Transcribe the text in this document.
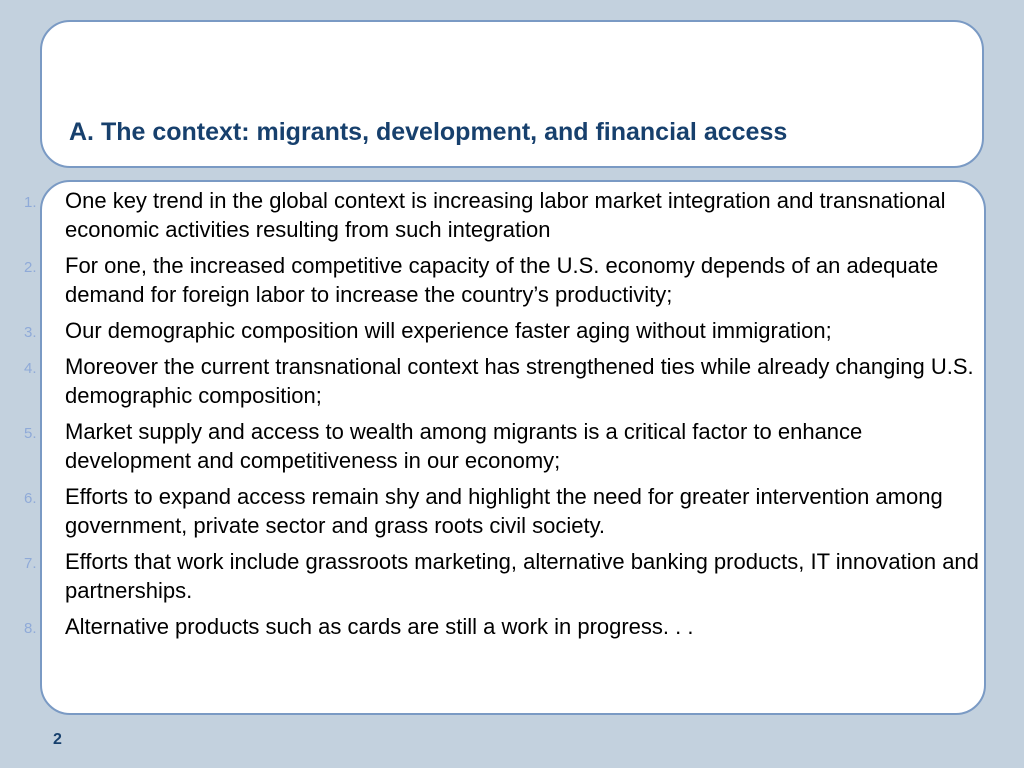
A. The context: migrants, development, and financial access
1. One key trend in the global context is increasing labor market integration and transnational economic activities resulting from such integration
2. For one, the increased competitive capacity of the U.S. economy depends of an adequate demand for foreign labor to increase the country’s productivity;
3. Our demographic composition will experience faster aging without immigration;
4. Moreover the current transnational context has strengthened ties while already changing U.S. demographic composition;
5. Market supply and access to wealth among migrants is a critical factor to enhance development and competitiveness in our economy;
6. Efforts to expand access remain shy and highlight the need for greater intervention among government, private sector and grass roots civil society.
7. Efforts that work include grassroots marketing, alternative banking products, IT innovation and partnerships.
8. Alternative products such as cards are still a work in progress. . .
2
